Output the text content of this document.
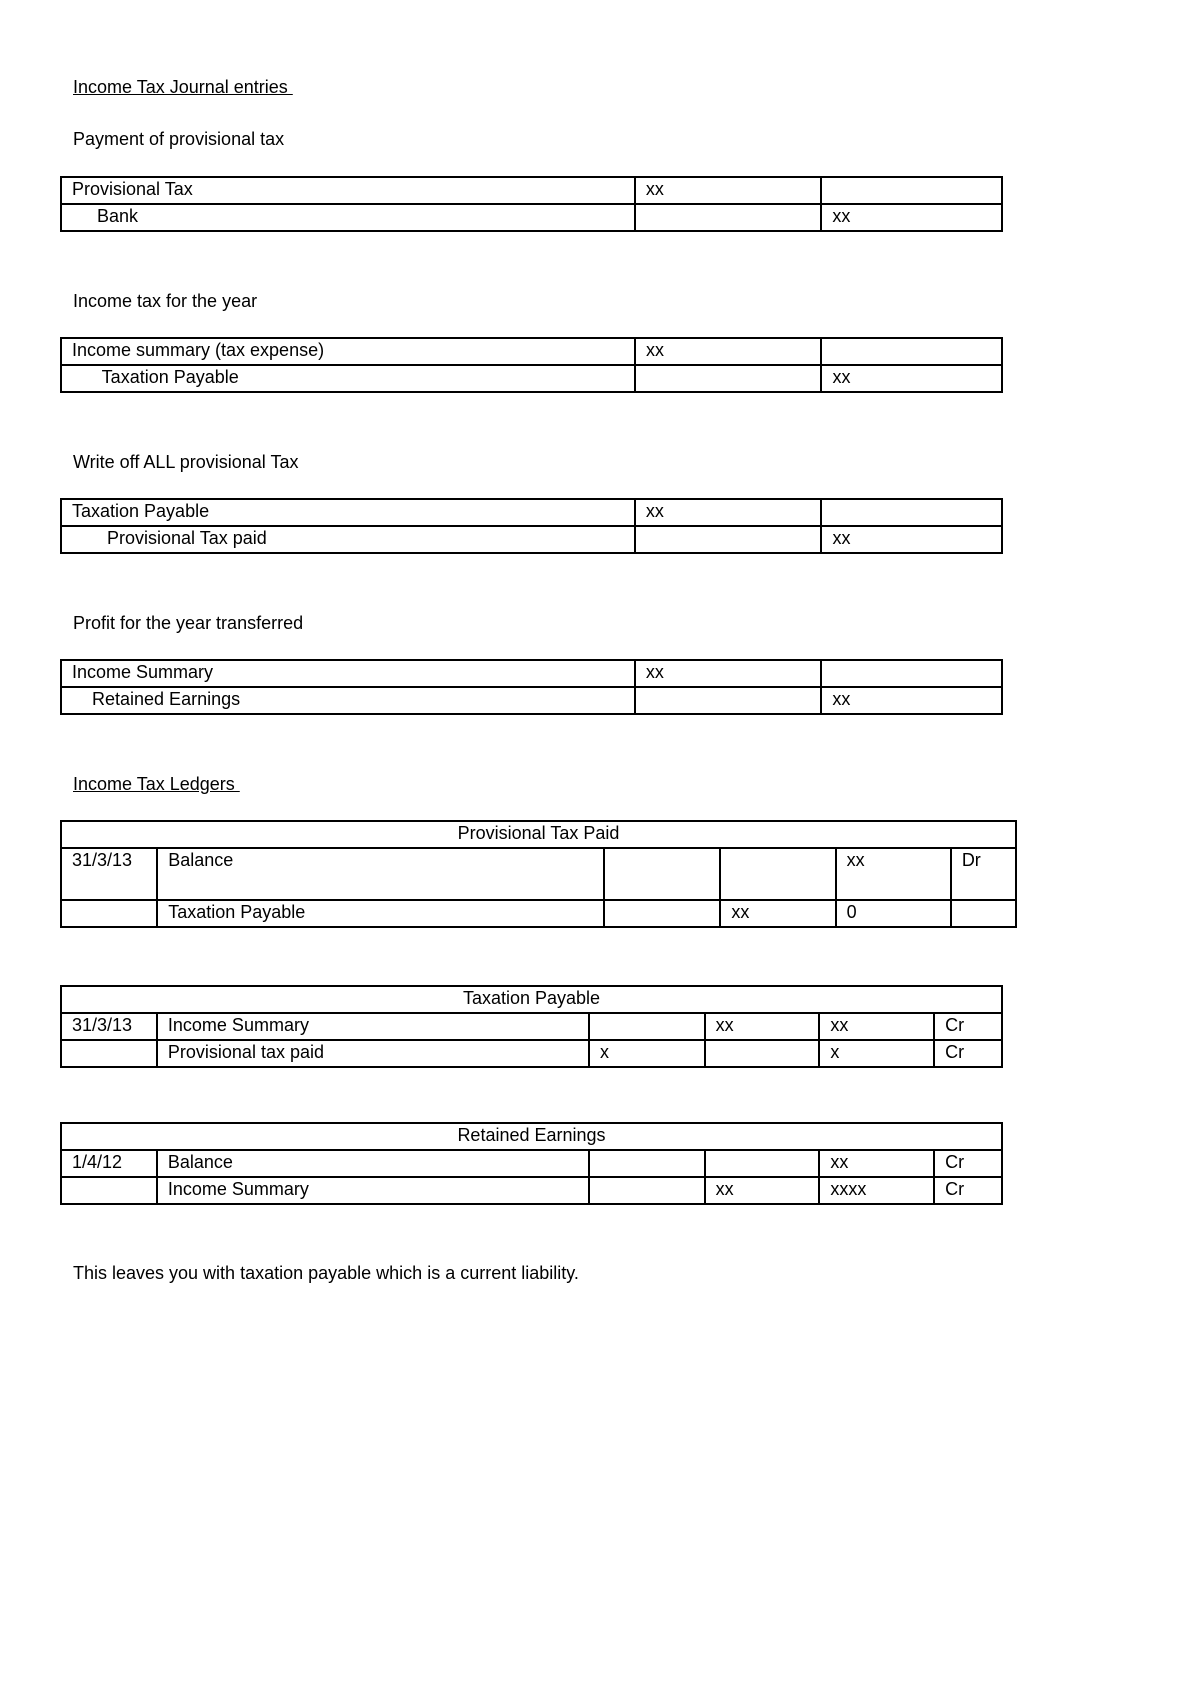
Income Tax Journal entries
Payment of provisional tax
Provisional Tax	xx	
Bank		xx
Income tax for the year
Income summary (tax expense)	xx	
Taxation Payable		xx
Write off ALL provisional Tax
Taxation Payable	xx	
Provisional Tax paid		xx
Profit for the year transferred
Income Summary	xx	
Retained Earnings		xx
Income Tax Ledgers
Provisional Tax Paid					
31/3/13	Balance			xx	Dr
	Taxation Payable		xx	0	
Taxation Payable					
31/3/13	Income Summary		xx	xx	Cr
	Provisional tax paid	x		x	Cr
Retained Earnings					
1/4/12	Balance			xx	Cr
	Income Summary		xx	xxxx	Cr
This leaves you with taxation payable which is a current liability.
